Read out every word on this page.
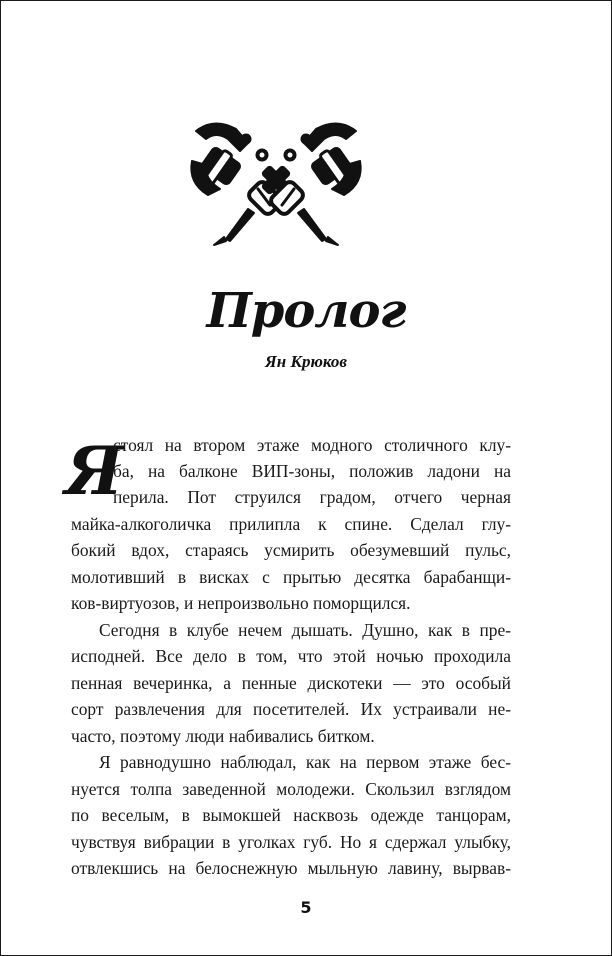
Пролог
Ян Крюков
Я
стоял на втором этаже модного столичного клу-
ба, на балконе ВИП-зоны, положив ладони на
перила. Пот струился градом, отчего черная
майка-алкоголичка прилипла к спине. Сделал глу-
бокий вдох, стараясь усмирить обезумевший пульс,
молотивший в висках с прытью десятка барабанщи-
ков-виртуозов, и непроизвольно поморщился.
Сегодня в клубе нечем дышать. Душно, как в пре-
исподней. Все дело в том, что этой ночью проходила
пенная вечеринка, а пенные дискотеки — это особый
сорт развлечения для посетителей. Их устраивали не-
часто, поэтому люди набивались битком.
Я равнодушно наблюдал, как на первом этаже бес-
нуется толпа заведенной молодежи. Скользил взглядом
по веселым, в вымокшей насквозь одежде танцорам,
чувствуя вибрации в уголках губ. Но я сдержал улыбку,
отвлекшись на белоснежную мыльную лавину, вырвав-
5
